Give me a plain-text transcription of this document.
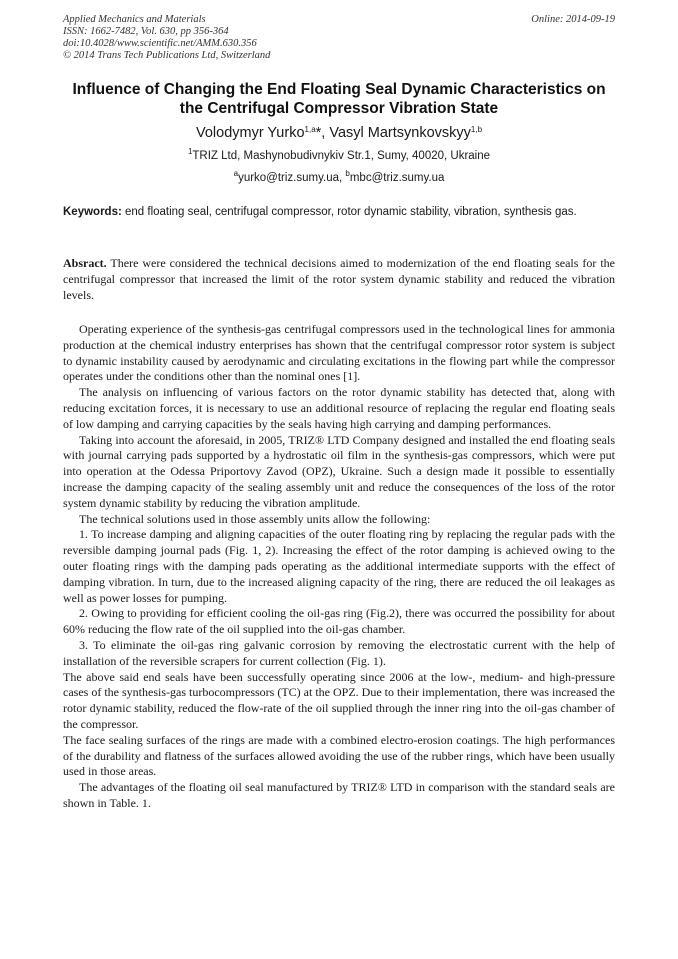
Applied Mechanics and Materials
ISSN: 1662-7482, Vol. 630, pp 356-364
doi:10.4028/www.scientific.net/AMM.630.356
© 2014 Trans Tech Publications Ltd, Switzerland
Online: 2014-09-19
Influence of Changing the End Floating Seal Dynamic Characteristics on the Centrifugal Compressor Vibration State
Volodymyr Yurko$^{1,a}$*, Vasyl Martsynkovskyy$^{1,b}$
$^1$TRIZ Ltd, Mashynobudivnykiv Str.1, Sumy, 40020, Ukraine
$^a$yurko@triz.sumy.ua, $^b$mbc@triz.sumy.ua
Keywords: end floating seal, centrifugal compressor, rotor dynamic stability, vibration, synthesis gas.
Absract. There were considered the technical decisions aimed to modernization of the end floating seals for the centrifugal compressor that increased the limit of the rotor system dynamic stability and reduced the vibration levels.

Operating experience of the synthesis-gas centrifugal compressors used in the technological lines for ammonia production at the chemical industry enterprises has shown that the centrifugal compressor rotor system is subject to dynamic instability caused by aerodynamic and circulating excitations in the flowing part while the compressor operates under the conditions other than the nominal ones [1].

The analysis on influencing of various factors on the rotor dynamic stability has detected that, along with reducing excitation forces, it is necessary to use an additional resource of replacing the regular end floating seals of low damping and carrying capacities by the seals having high carrying and damping performances.

Taking into account the aforesaid, in 2005, TRIZ® LTD Company designed and installed the end floating seals with journal carrying pads supported by a hydrostatic oil film in the synthesis-gas compressors, which were put into operation at the Odessa Priportovy Zavod (OPZ), Ukraine. Such a design made it possible to essentially increase the damping capacity of the sealing assembly unit and reduce the consequences of the loss of the rotor system dynamic stability by reducing the vibration amplitude.

The technical solutions used in those assembly units allow the following:

1. To increase damping and aligning capacities of the outer floating ring by replacing the regular pads with the reversible damping journal pads (Fig. 1, 2). Increasing the effect of the rotor damping is achieved owing to the outer floating rings with the damping pads operating as the additional intermediate supports with the effect of damping vibration. In turn, due to the increased aligning capacity of the ring, there are reduced the oil leakages as well as power losses for pumping.

2. Owing to providing for efficient cooling the oil-gas ring (Fig.2), there was occurred the possibility for about 60% reducing the flow rate of the oil supplied into the oil-gas chamber.

3. To eliminate the oil-gas ring galvanic corrosion by removing the electrostatic current with the help of installation of the reversible scrapers for current collection (Fig. 1).

The above said end seals have been successfully operating since 2006 at the low-, medium- and high-pressure cases of the synthesis-gas turbocompressors (TC) at the OPZ. Due to their implementation, there was increased the rotor dynamic stability, reduced the flow-rate of the oil supplied through the inner ring into the oil-gas chamber of the compressor.

The face sealing surfaces of the rings are made with a combined electro-erosion coatings. The high performances of the durability and flatness of the surfaces allowed avoiding the use of the rubber rings, which have been usually used in those areas.

The advantages of the floating oil seal manufactured by TRIZ® LTD in comparison with the standard seals are shown in Table. 1.
